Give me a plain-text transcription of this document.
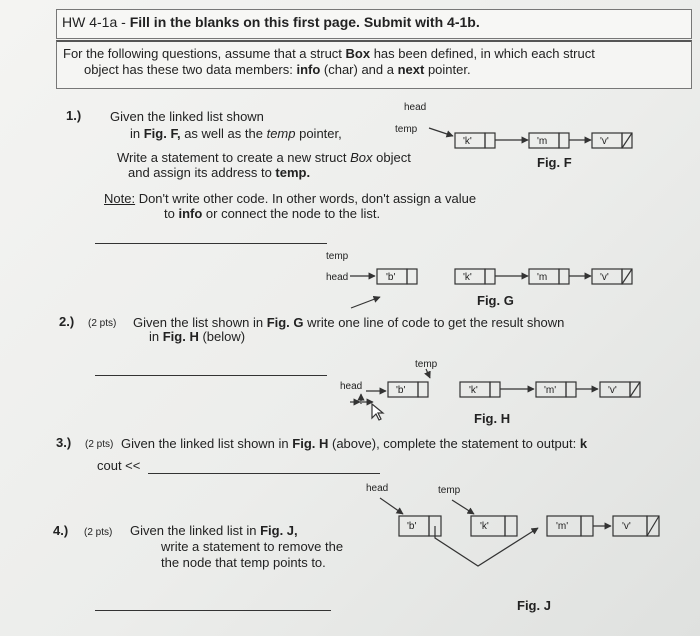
HW 4-1a - Fill in the blanks on this first page. Submit with 4-1b.
For the following questions, assume that a struct Box has been defined, in which each struct
object has these two data members: info (char) and a next pointer.
1.) Given the linked list shown
in Fig. F, as well as the temp pointer,
Write a statement to create a new struct Box object
and assign its address to temp.
Note: Don't write other code. In other words, don't assign a value
to info or connect the node to the list.
head
temp
Fig. F
temp
head
Fig. G
2.) (2 pts) Given the list shown in Fig. G write one line of code to get the result shown
in Fig. H (below)
temp
head
Fig. H
3.) (2 pts) Given the linked list shown in Fig. H (above), complete the statement to output: k
cout <<
head	temp
Fig. J
4.) (2 pts) Given the linked list in Fig. J,
write a statement to remove the
the node that temp points to.
'k'	'm	'v'
'b'	'k'	'm	'v'
'b'	'k'	'm'	'v'
'b'	'k'	'm'	'v'
